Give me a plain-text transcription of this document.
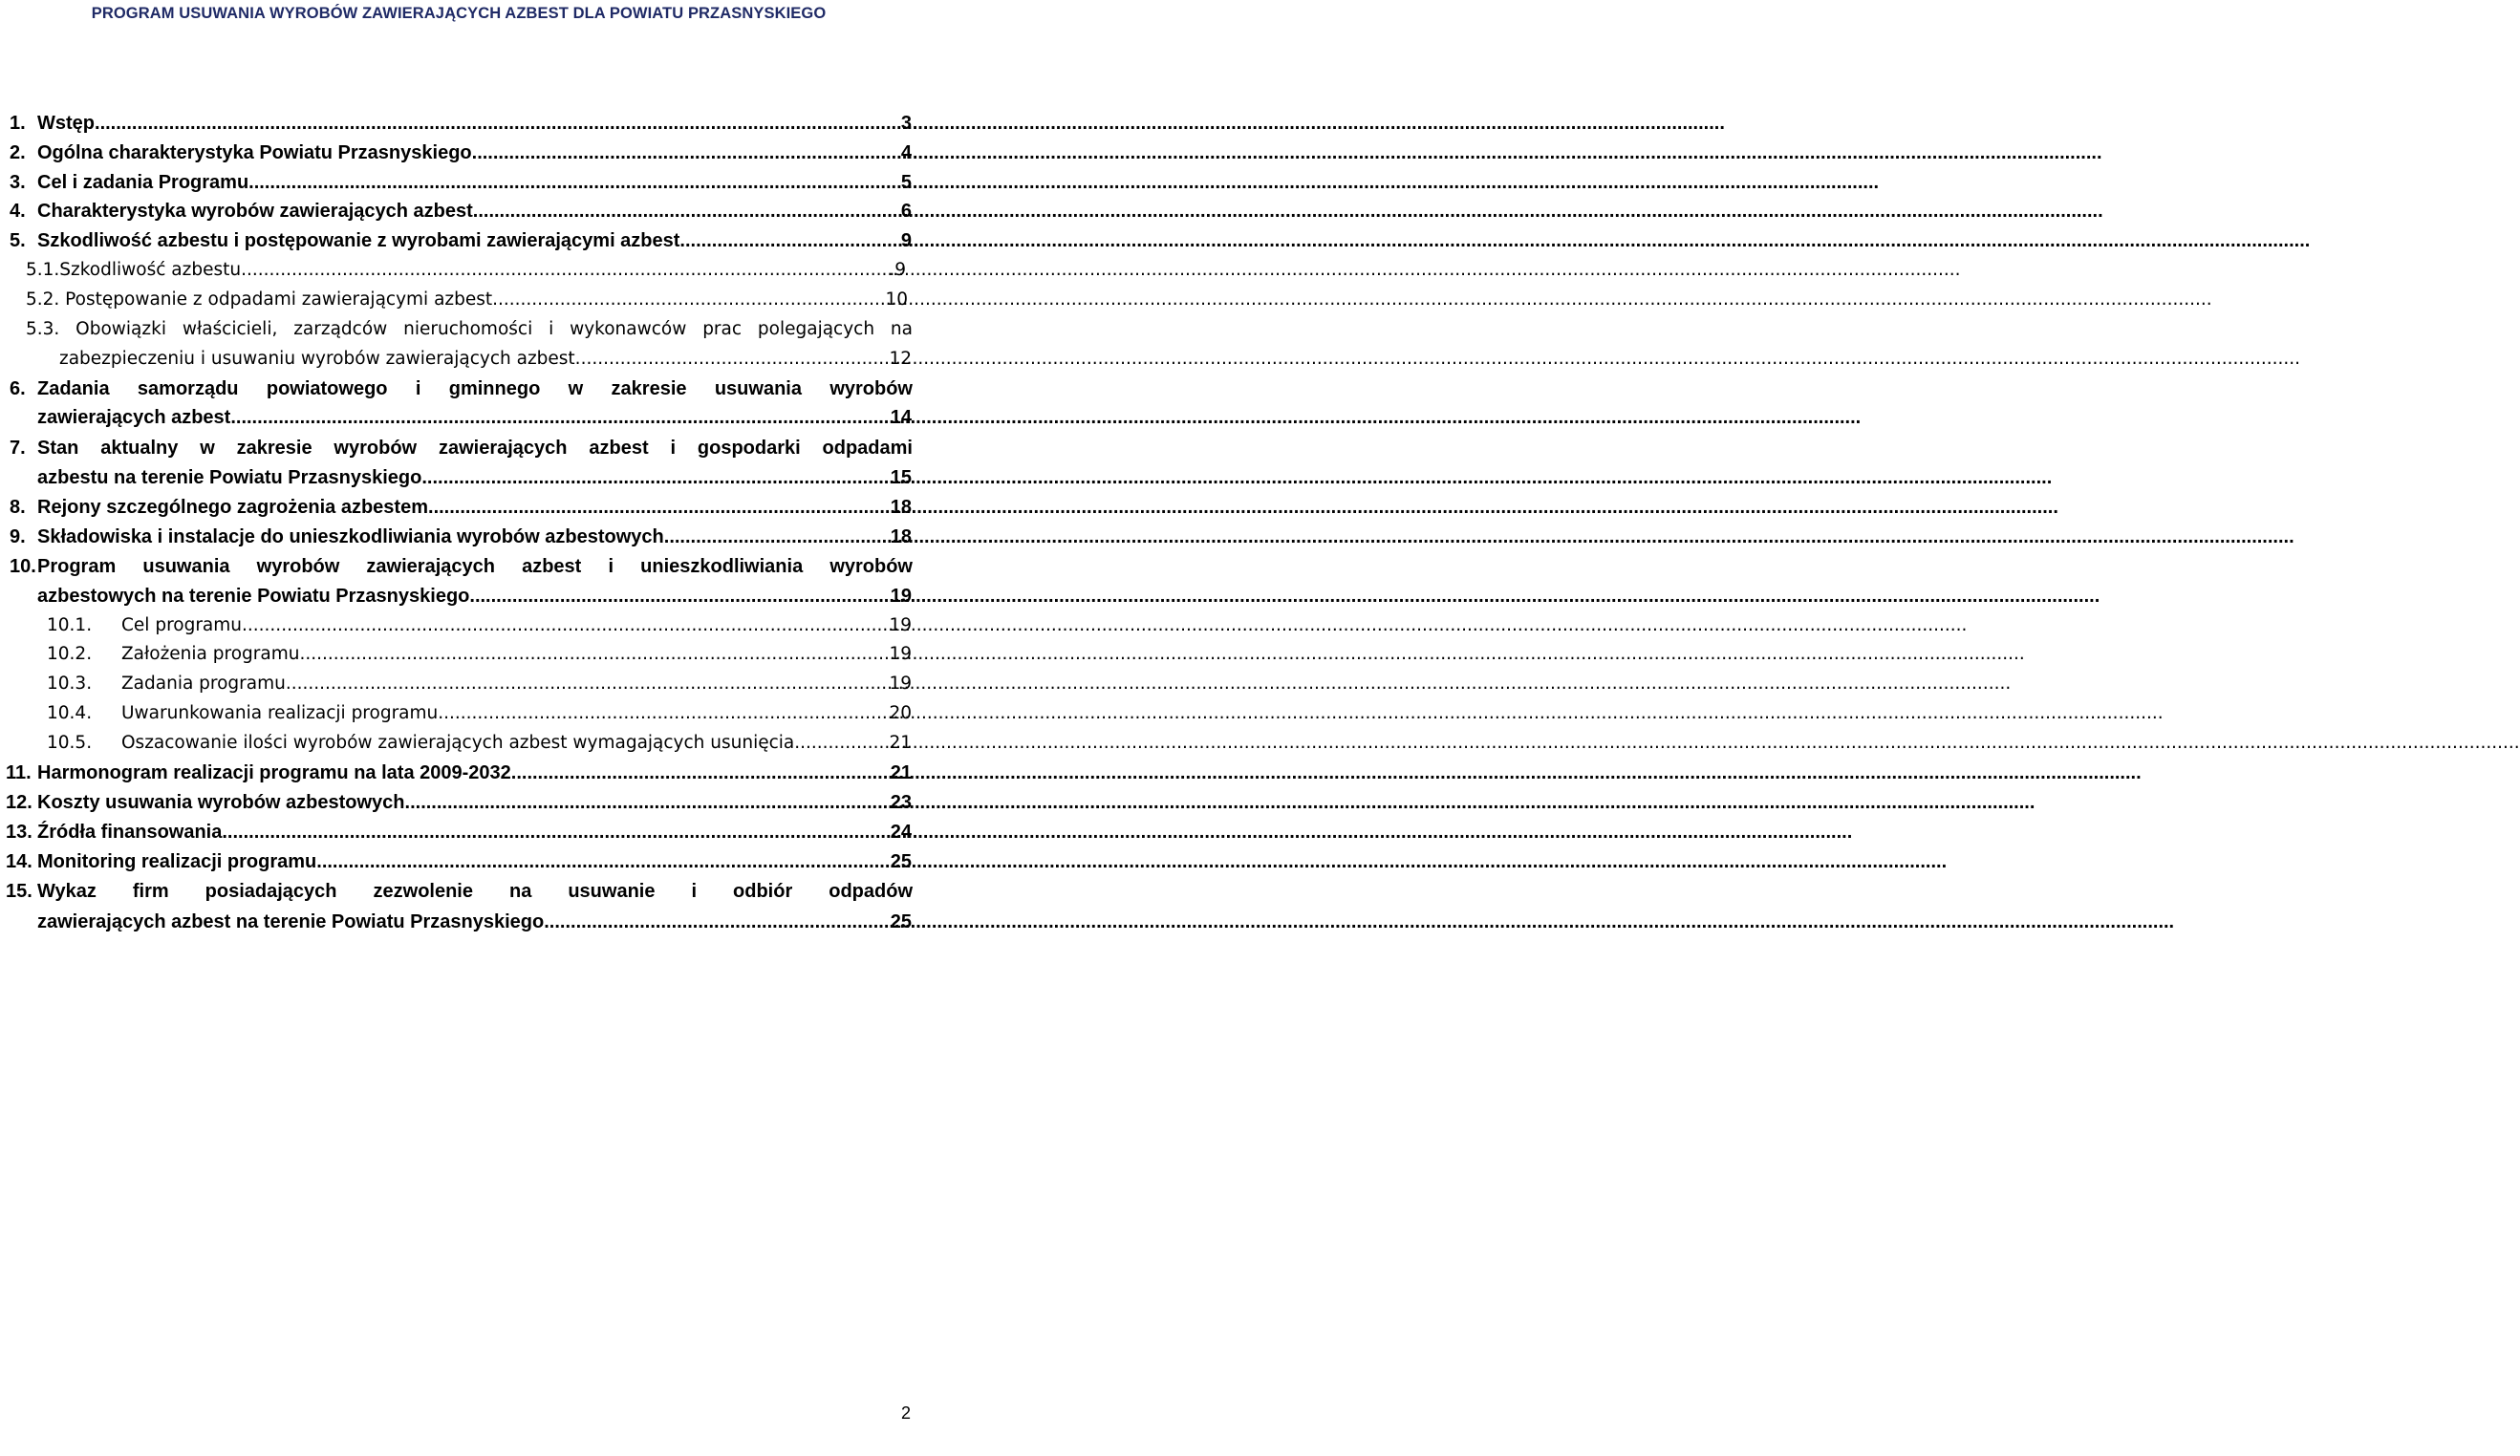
PROGRAM USUWANIA WYROBÓW ZAWIERAJĄCYCH AZBEST DLA POWIATU PRZASNYSKIEGO
1. Wstęp. .....	3
2. Ogólna charakterystyka Powiatu Przasnyskiego. .....	4
3. Cel i zadania Programu. .....	5
4. Charakterystyka wyrobów zawierających azbest. .....	6
5. Szkodliwość azbestu i postępowanie z wyrobami zawierającymi azbest. .....	9
5.1.Szkodliwość azbestu .....	.9
5.2. Postępowanie z odpadami zawierającymi azbest .....	10
5.3. Obowiązki właścicieli, zarządców nieruchomości i wykonawców prac polegających na
zabezpieczeniu i usuwaniu wyrobów zawierających azbest. .....	12
6. Zadania samorządu powiatowego i gminnego w zakresie usuwania wyrobów
zawierających azbest. .....	14
7. Stan aktualny w zakresie wyrobów zawierających azbest i gospodarki odpadami
azbestu na terenie Powiatu Przasnyskiego. .....	15
8. Rejony szczególnego zagrożenia azbestem. .....	18
9. Składowiska i instalacje do unieszkodliwiania wyrobów azbestowych. .....	18
10. Program usuwania wyrobów zawierających azbest i unieszkodliwiania wyrobów
azbestowych na terenie Powiatu Przasnyskiego. .....	19
10.1.	Cel programu. .....	19
10.2.	Założenia programu. .....	19
10.3.	Zadania programu. .....	19
10.4.	Uwarunkowania realizacji programu. .....	20
10.5.	Oszacowanie ilości wyrobów zawierających azbest wymagających usunięcia. .....	21
11. Harmonogram realizacji programu na lata 2009-2032. .....	21
12. Koszty usuwania wyrobów azbestowych. .....	23
13. Źródła finansowania. .....	24
14. Monitoring realizacji programu. .....	25
15. Wykaz firm posiadających zezwolenie na usuwanie i odbiór odpadów
zawierających azbest na terenie Powiatu Przasnyskiego. .....	25
2
